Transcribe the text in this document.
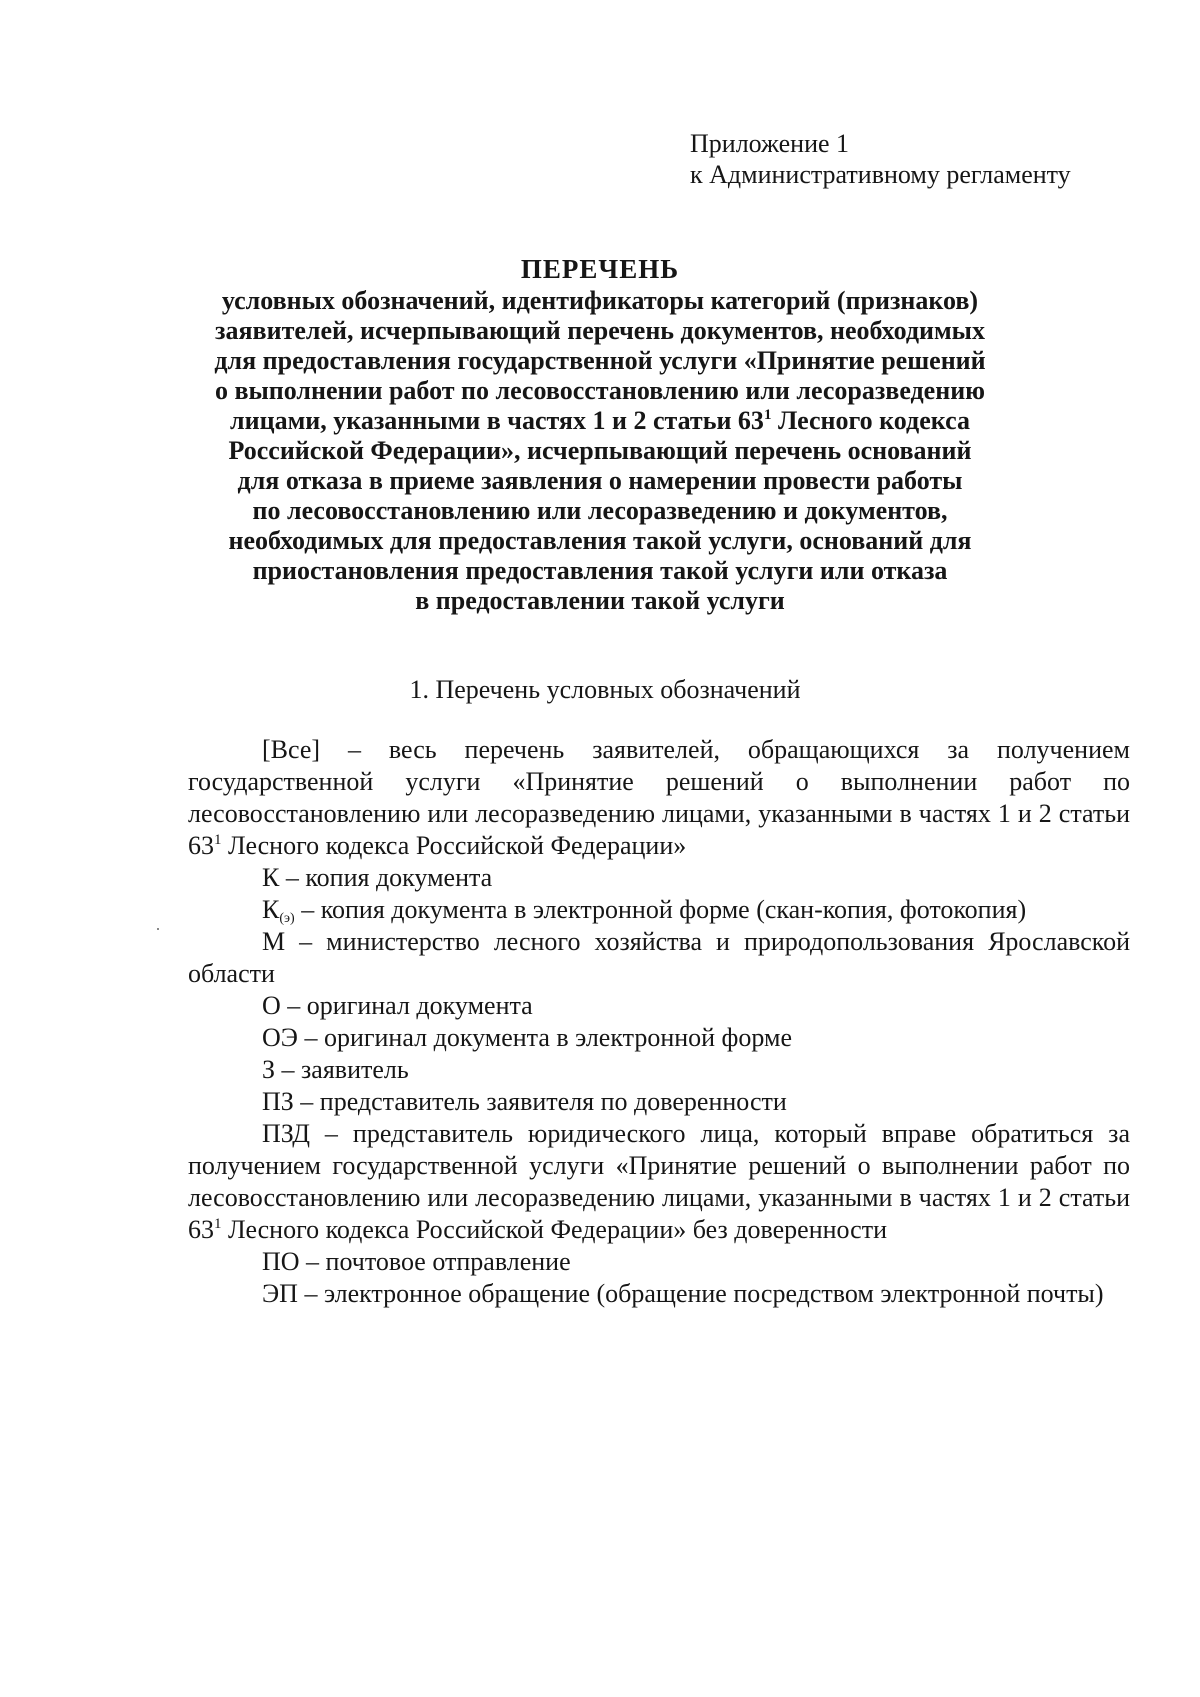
Приложение 1
к Административному регламенту
ПЕРЕЧЕНЬ
условных обозначений, идентификаторы категорий (признаков)
заявителей, исчерпывающий перечень документов, необходимых
для предоставления государственной услуги «Принятие решений
о выполнении работ по лесовосстановлению или лесоразведению
лицами, указанными в частях 1 и 2 статьи $63^1$ Лесного кодекса
Российской Федерации», исчерпывающий перечень оснований
для отказа в приеме заявления о намерении провести работы
по лесовосстановлению или лесоразведению и документов,
необходимых для предоставления такой услуги, оснований для
приостановления предоставления такой услуги или отказа
в предоставлении такой услуги
1. Перечень условных обозначений

[Все] – весь перечень заявителей, обращающихся за получением государственной услуги «Принятие решений о выполнении работ по лесовосстановлению или лесоразведению лицами, указанными в частях 1 и 2 статьи $63^1$ Лесного кодекса Российской Федерации»

К – копия документа

$К_{(э)}$ – копия документа в электронной форме (скан-копия, фотокопия)

М – министерство лесного хозяйства и природопользования Ярославской области

О – оригинал документа

ОЭ – оригинал документа в электронной форме

З – заявитель

ПЗ – представитель заявителя по доверенности

ПЗД – представитель юридического лица, который вправе обратиться за получением государственной услуги «Принятие решений о выполнении работ по лесовосстановлению или лесоразведению лицами, указанными в частях 1 и 2 статьи $63^1$ Лесного кодекса Российской Федерации» без доверенности

ПО – почтовое отправление

ЭП – электронное обращение (обращение посредством электронной почты)
